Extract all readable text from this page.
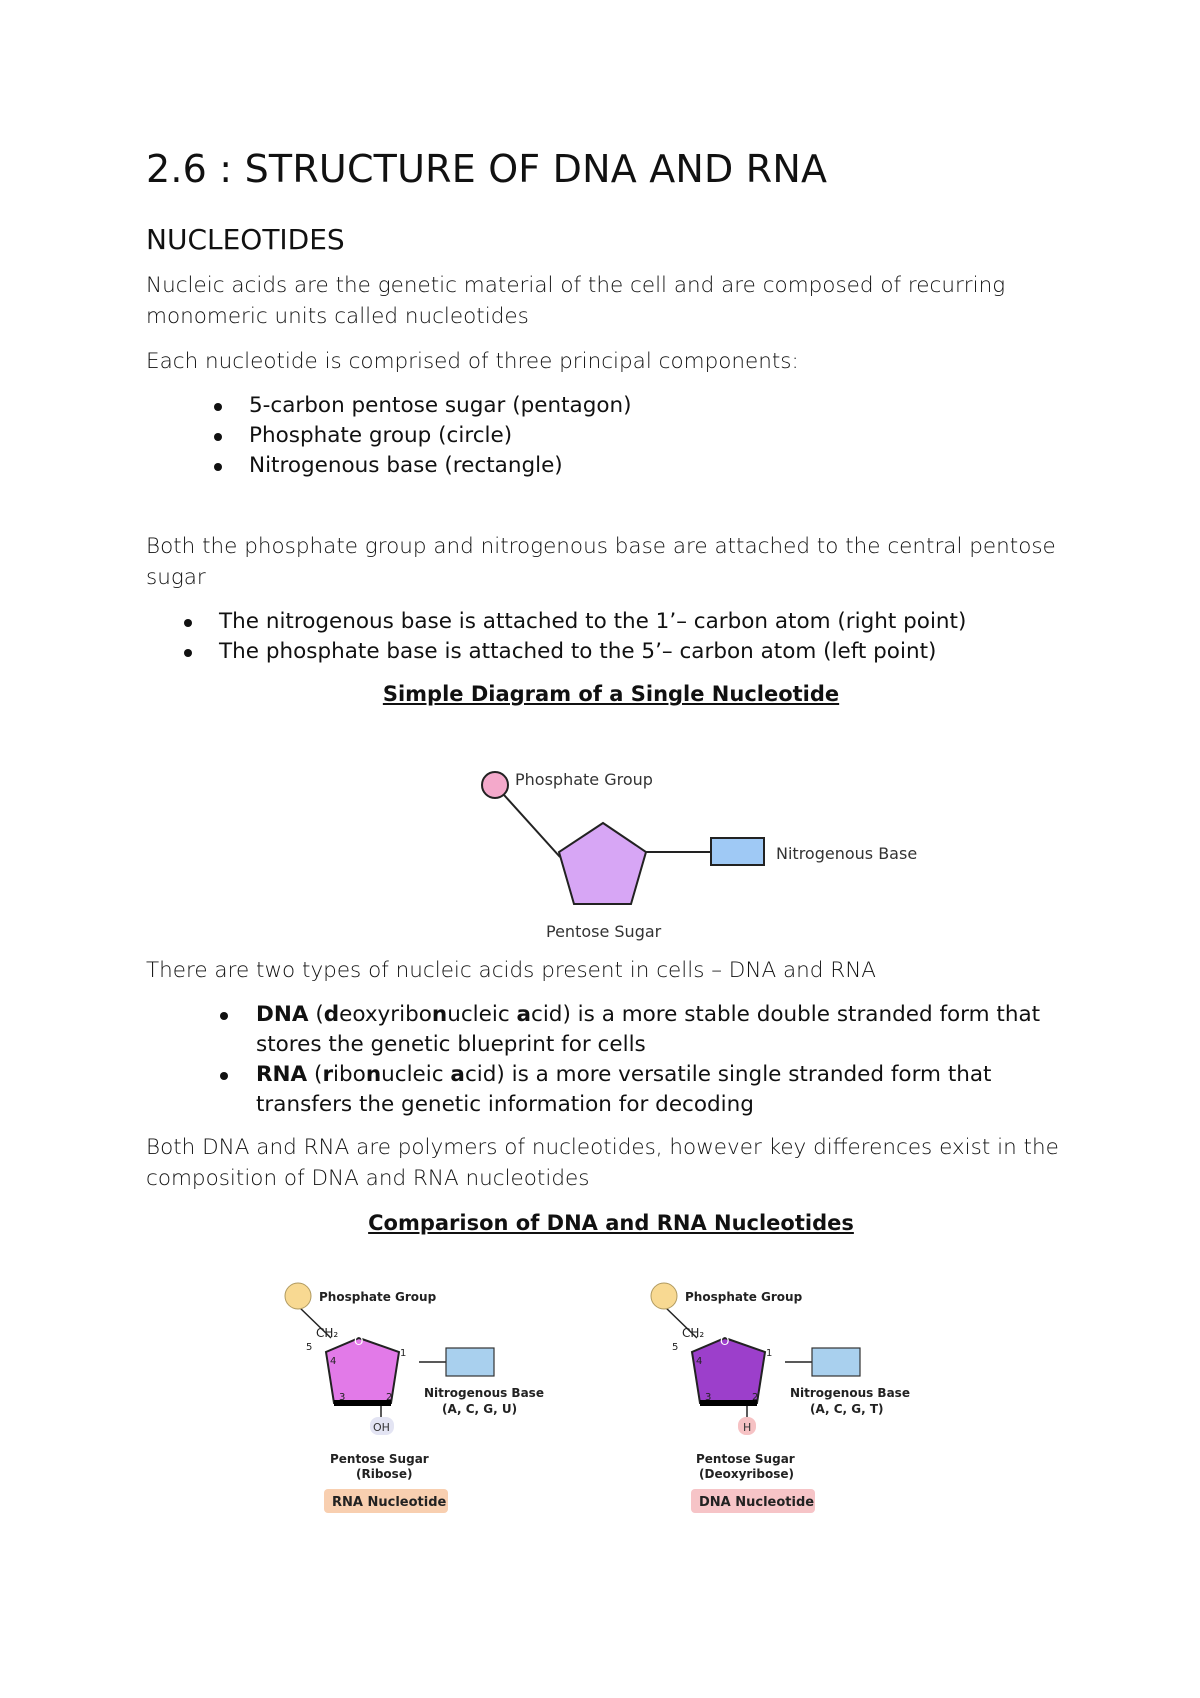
2.6 : STRUCTURE OF DNA AND RNA
NUCLEOTIDES

Nucleic acids are the genetic material of the cell and are composed of recurring monomeric units called nucleotides

Each nucleotide is comprised of three principal components:

5-carbon pentose sugar (pentagon)
Phosphate group (circle)
Nitrogenous base (rectangle)

Both the phosphate group and nitrogenous base are attached to the central pentose sugar

The nitrogenous base is attached to the 1’– carbon atom (right point)
The phosphate base is attached to the 5’– carbon atom (left point)

Simple Diagram of a Single Nucleotide

Phosphate Group
Nitrogenous Base
Pentose Sugar

There are two types of nucleic acids present in cells – DNA and RNA

DNA (deoxyribonucleic acid) is a more stable double stranded form that stores the genetic blueprint for cells
RNA (ribonucleic acid) is a more versatile single stranded form that transfers the genetic information for decoding

Both DNA and RNA are polymers of nucleotides, however key differences exist in the composition of DNA and RNA nucleotides

Comparison of DNA and RNA Nucleotides

Phosphate Group
CH₂
5	O
1
2
3
4
Nitrogenous Base
(A, C, G, U)
OH
Pentose Sugar
(Ribose)
RNA Nucleotide
Phosphate Group
CH₂
5	O
1
2
3
4
Nitrogenous Base
(A, C, G, T)
H
Pentose Sugar
(Deoxyribose)
DNA Nucleotide
